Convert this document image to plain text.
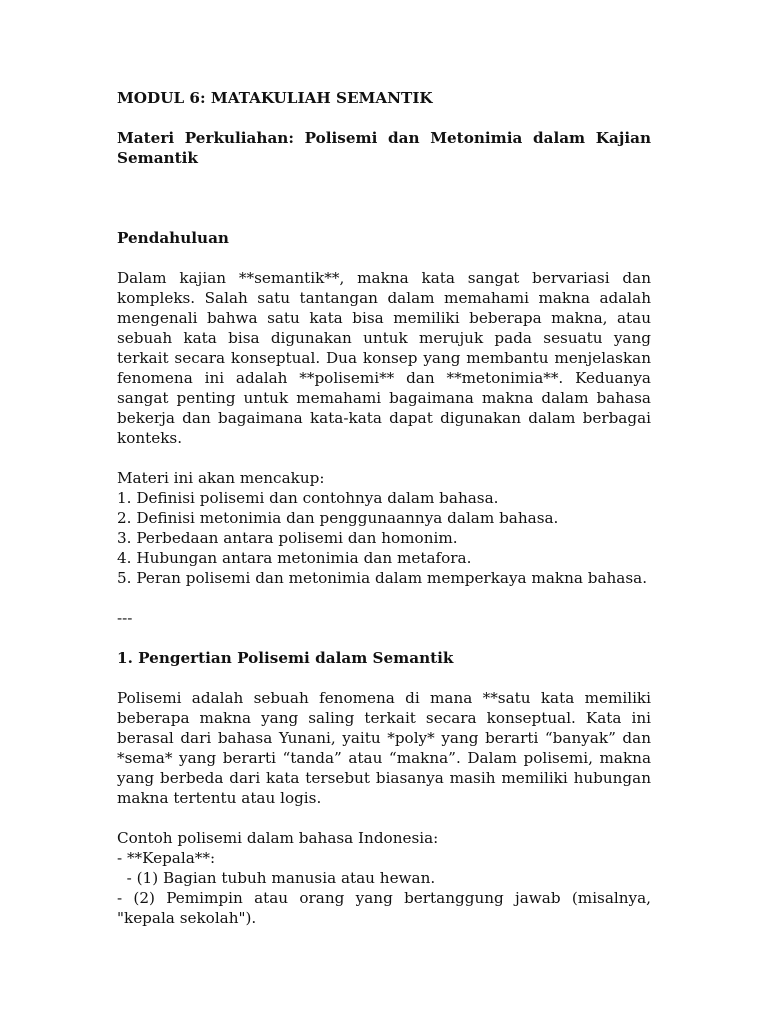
MODUL 6: MATAKULIAH SEMANTIK
Materi Perkuliahan: Polisemi dan Metonimia dalam Kajian Semantik
Pendahuluan

Dalam kajian **semantik**, makna kata sangat bervariasi dan kompleks. Salah satu tantangan dalam memahami makna adalah mengenali bahwa satu kata bisa memiliki beberapa makna, atau sebuah kata bisa digunakan untuk merujuk pada sesuatu yang terkait secara konseptual. Dua konsep yang membantu menjelaskan fenomena ini adalah **polisemi** dan **metonimia**. Keduanya sangat penting untuk memahami bagaimana makna dalam bahasa bekerja dan bagaimana kata-kata dapat digunakan dalam berbagai konteks.

Materi ini akan mencakup:
1. Definisi polisemi dan contohnya dalam bahasa.
2. Definisi metonimia dan penggunaannya dalam bahasa.
3. Perbedaan antara polisemi dan homonim.
4. Hubungan antara metonimia dan metafora.
5. Peran polisemi dan metonimia dalam memperkaya makna bahasa.
---
1. Pengertian Polisemi dalam Semantik

Polisemi adalah sebuah fenomena di mana **satu kata memiliki beberapa makna yang saling terkait secara konseptual. Kata ini berasal dari bahasa Yunani, yaitu *poly* yang berarti “banyak” dan *sema* yang berarti “tanda” atau “makna”. Dalam polisemi, makna yang berbeda dari kata tersebut biasanya masih memiliki hubungan makna tertentu atau logis.

Contoh polisemi dalam bahasa Indonesia:
- **Kepala**:
- (1) Bagian tubuh manusia atau hewan.
- (2) Pemimpin atau orang yang bertanggung jawab (misalnya, "kepala sekolah").
